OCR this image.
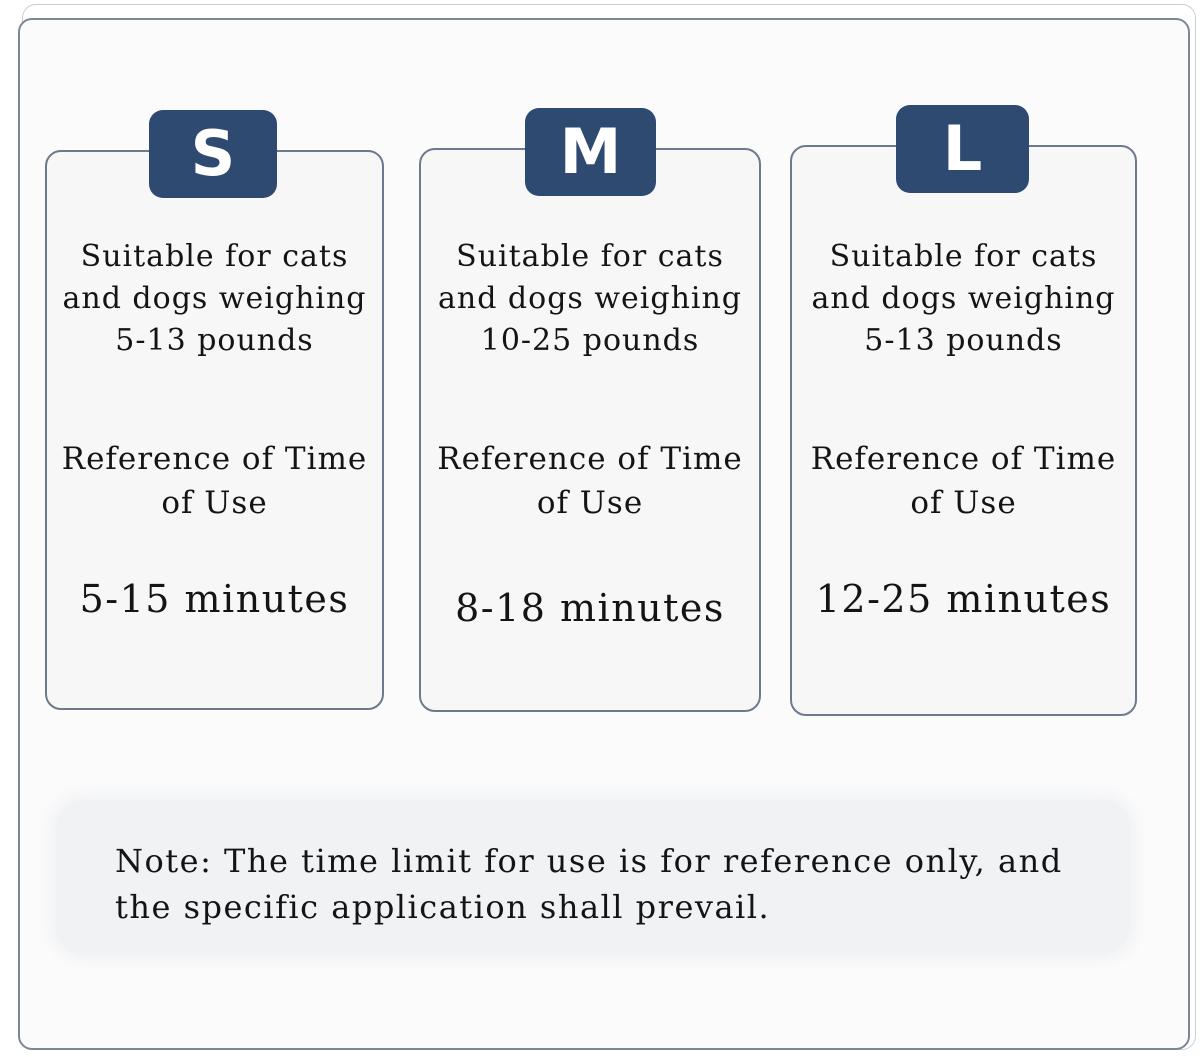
Suitable for cats
and dogs weighing
5-13 pounds
Reference of Time
of Use
5-15 minutes
S
Suitable for cats
and dogs weighing
10-25 pounds
Reference of Time
of Use
8-18 minutes
M
Suitable for cats
and dogs weighing
5-13 pounds
Reference of Time
of Use
12-25 minutes
L
Note: The time limit for use is for reference only, and
the specific application shall prevail.
